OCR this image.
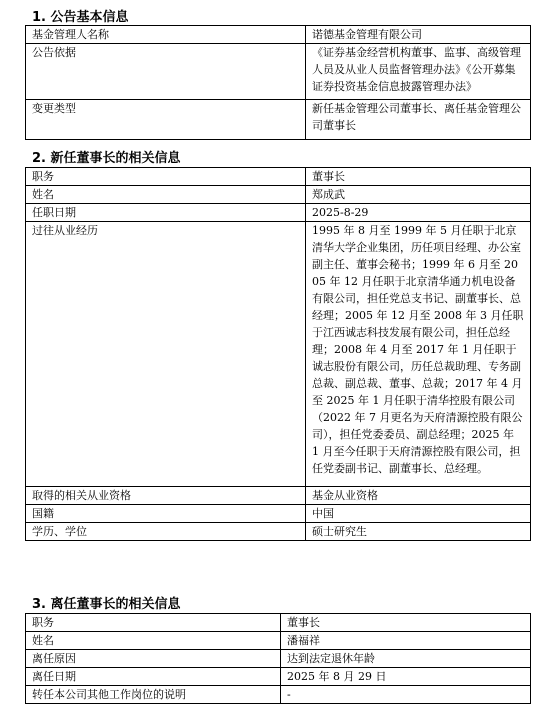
1. 公告基本信息
基金管理人名称	诺德基金管理有限公司
公告依据	《证券基金经营机构董事、监事、高级管理人员及从业人员监督管理办法》《公开募集证券投资基金信息披露管理办法》
变更类型	新任基金管理公司董事长、离任基金管理公司董事长
2. 新任董事长的相关信息
职务	董事长
姓名	郑成武
任职日期	2025-8-29
过往从业经历	1995 年 8 月至 1999 年 5 月任职于北京清华大学企业集团，历任项目经理、办公室副主任、董事会秘书；1999 年 6 月至 2005 年 12 月任职于北京清华通力机电设备有限公司，担任党总支书记、副董事长、总经理；2005 年 12 月至 2008 年 3 月任职于江西诚志科技发展有限公司，担任总经理；2008 年 4 月至 2017 年 1 月任职于诚志股份有限公司，历任总裁助理、专务副总裁、副总裁、董事、总裁；2017 年 4 月至 2025 年 1 月任职于清华控股有限公司（2022 年 7 月更名为天府清源控股有限公司），担任党委委员、副总经理；2025 年 1 月至今任职于天府清源控股有限公司，担任党委副书记、副董事长、总经理。
取得的相关从业资格	基金从业资格
国籍	中国
学历、学位	硕士研究生
3. 离任董事长的相关信息
职务	董事长
姓名	潘福祥
离任原因	达到法定退休年龄
离任日期	2025 年 8 月 29 日
转任本公司其他工作岗位的说明	-
